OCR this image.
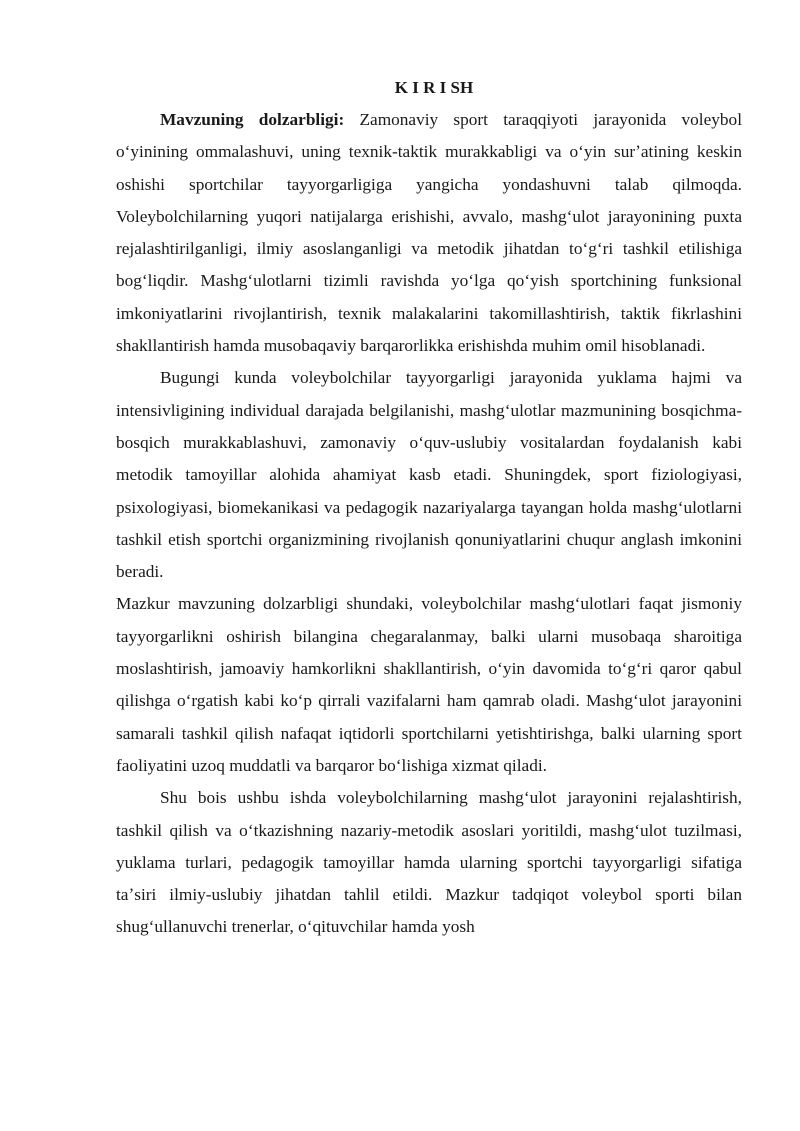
K I R I SH

Mavzuning dolzarbligi: Zamonaviy sport taraqqiyoti jarayonida voleybol oʻyinining ommalashuvi, uning texnik-taktik murakkabligi va oʻyin surʼatining keskin oshishi sportchilar tayyorgarligiga yangicha yondashuvni talab qilmoqda. Voleybolchilarning yuqori natijalarga erishishi, avvalo, mashgʻulot jarayonining puxta rejalashtirilganligi, ilmiy asoslanganligi va metodik jihatdan toʻgʻri tashkil etilishiga bogʻliqdir. Mashgʻulotlarni tizimli ravishda yoʻlga qoʻyish sportchining funksional imkoniyatlarini rivojlantirish, texnik malakalarini takomillashtirish, taktik fikrlashini shakllantirish hamda musobaqaviy barqarorlikka erishishda muhim omil hisoblanadi.

Bugungi kunda voleybolchilar tayyorgarligi jarayonida yuklama hajmi va intensivligining individual darajada belgilanishi, mashgʻulotlar mazmunining bosqichma-bosqich murakkablashuvi, zamonaviy oʻquv-uslubiy vositalardan foydalanish kabi metodik tamoyillar alohida ahamiyat kasb etadi. Shuningdek, sport fiziologiyasi, psixologiyasi, biomekanikasi va pedagogik nazariyalarga tayangan holda mashgʻulotlarni tashkil etish sportchi organizmining rivojlanish qonuniyatlarini chuqur anglash imkonini beradi.

Mazkur mavzuning dolzarbligi shundaki, voleybolchilar mashgʻulotlari faqat jismoniy tayyorgarlikni oshirish bilangina chegaralanmay, balki ularni musobaqa sharoitiga moslashtirish, jamoaviy hamkorlikni shakllantirish, oʻyin davomida toʻgʻri qaror qabul qilishga oʻrgatish kabi koʻp qirrali vazifalarni ham qamrab oladi. Mashgʻulot jarayonini samarali tashkil qilish nafaqat iqtidorli sportchilarni yetishtirishga, balki ularning sport faoliyatini uzoq muddatli va barqaror boʻlishiga xizmat qiladi.

Shu bois ushbu ishda voleybolchilarning mashgʻulot jarayonini rejalashtirish, tashkil qilish va oʻtkazishning nazariy-metodik asoslari yoritildi, mashgʻulot tuzilmasi, yuklama turlari, pedagogik tamoyillar hamda ularning sportchi tayyorgarligi sifatiga taʼsiri ilmiy-uslubiy jihatdan tahlil etildi. Mazkur tadqiqot voleybol sporti bilan shugʻullanuvchi trenerlar, oʻqituvchilar hamda yosh
